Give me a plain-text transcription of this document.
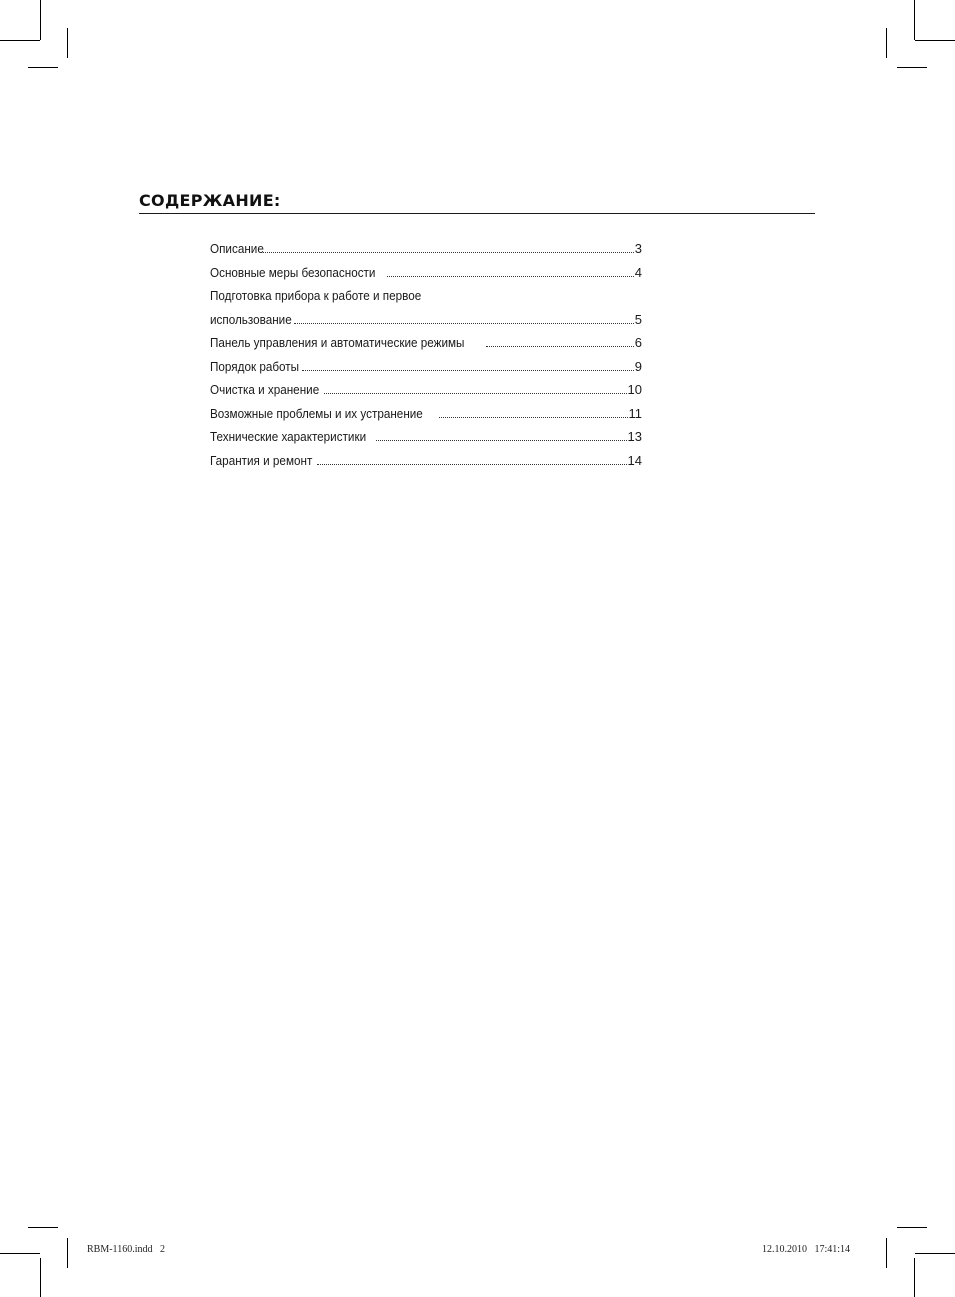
СОДЕРЖАНИЕ:
Описание	3
Основные меры безопасности	4
Подготовка прибора к работе и первое
использование	5
Панель управления и автоматические режимы	6
Порядок работы	9
Очистка и хранение	10
Возможные проблемы и их устранение	11
Технические характеристики	13
Гарантия и ремонт	14
RBM-1160.indd   2	12.10.2010   17:41:14
